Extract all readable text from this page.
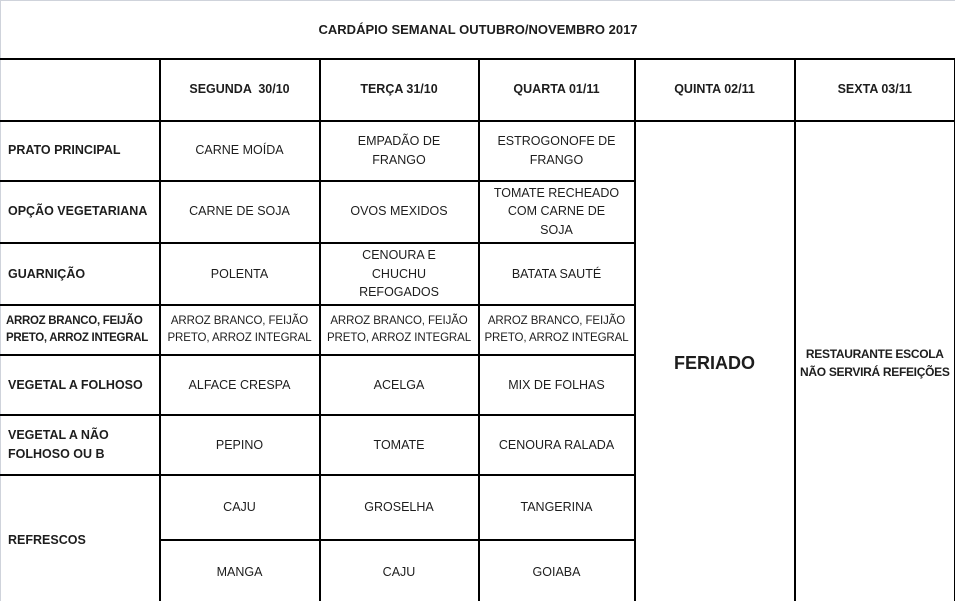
CARDÁPIO SEMANAL OUTUBRO/NOVEMBRO 2017					
	SEGUNDA  30/10	TERÇA 31/10	QUARTA 01/11	QUINTA 02/11	SEXTA 03/11
PRATO PRINCIPAL	CARNE MOÍDA	EMPADÃO DE FRANGO	ESTROGONOFE DE FRANGO	FERIADO	RESTAURANTE ESCOLA NÃO SERVIRÁ REFEIÇÕES
OPÇÃO VEGETARIANA	CARNE DE SOJA	OVOS MEXIDOS	TOMATE RECHEADO COM CARNE DE SOJA		
GUARNIÇÃO	POLENTA	CENOURA E CHUCHU REFOGADOS	BATATA SAUTÉ		
ARROZ BRANCO, FEIJÃO PRETO, ARROZ INTEGRAL	ARROZ BRANCO, FEIJÃO PRETO, ARROZ INTEGRAL	ARROZ BRANCO, FEIJÃO PRETO, ARROZ INTEGRAL	ARROZ BRANCO, FEIJÃO PRETO, ARROZ INTEGRAL		
VEGETAL A FOLHOSO	ALFACE CRESPA	ACELGA	MIX DE FOLHAS		
VEGETAL A NÃO FOLHOSO OU B	PEPINO	TOMATE	CENOURA RALADA		
REFRESCOS	CAJU	GROSELHA	TANGERINA		
	MANGA	CAJU	GOIABA		
